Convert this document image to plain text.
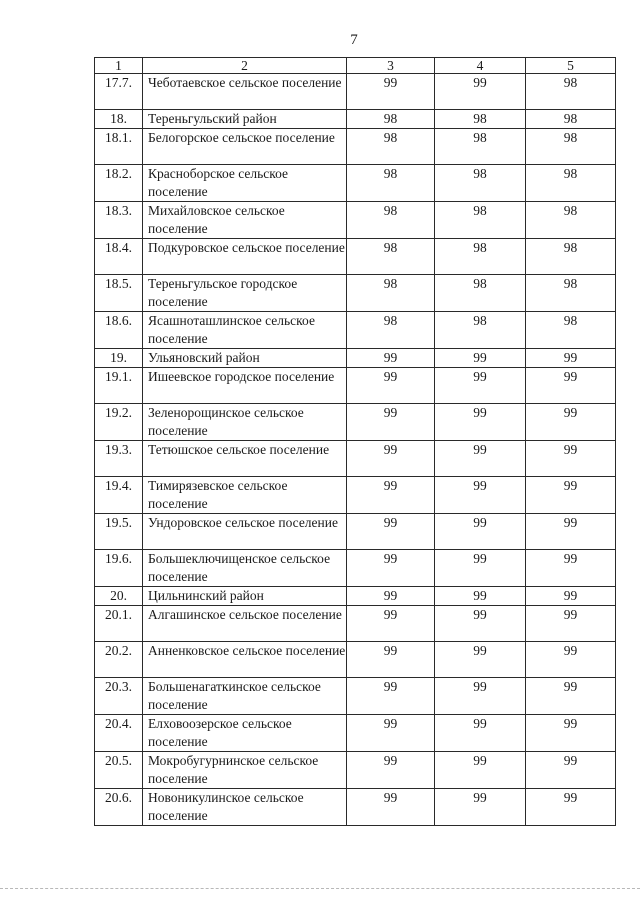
7
1	2	3	4	5
17.7.	Чеботаевское сельское поселение	99	99	98
18.	Тереньгульский район	98	98	98
18.1.	Белогорское сельское поселение	98	98	98
18.2.	Красноборское сельское поселение	98	98	98
18.3.	Михайловское сельское поселение	98	98	98
18.4.	Подкуровское сельское поселение	98	98	98
18.5.	Тереньгульское городское поселение	98	98	98
18.6.	Ясашноташлинское сельское поселение	98	98	98
19.	Ульяновский район	99	99	99
19.1.	Ишеевское городское поселение	99	99	99
19.2.	Зеленорощинское сельское поселение	99	99	99
19.3.	Тетюшское сельское поселение	99	99	99
19.4.	Тимирязевское сельское поселение	99	99	99
19.5.	Ундоровское сельское поселение	99	99	99
19.6.	Большеключищенское сельское поселение	99	99	99
20.	Цильнинский район	99	99	99
20.1.	Алгашинское сельское поселение	99	99	99
20.2.	Анненковское сельское поселение	99	99	99
20.3.	Большенагаткинское сельское поселение	99	99	99
20.4.	Елховоозерское сельское поселение	99	99	99
20.5.	Мокробугурнинское сельское поселение	99	99	99
20.6.	Новоникулинское сельское поселение	99	99	99
